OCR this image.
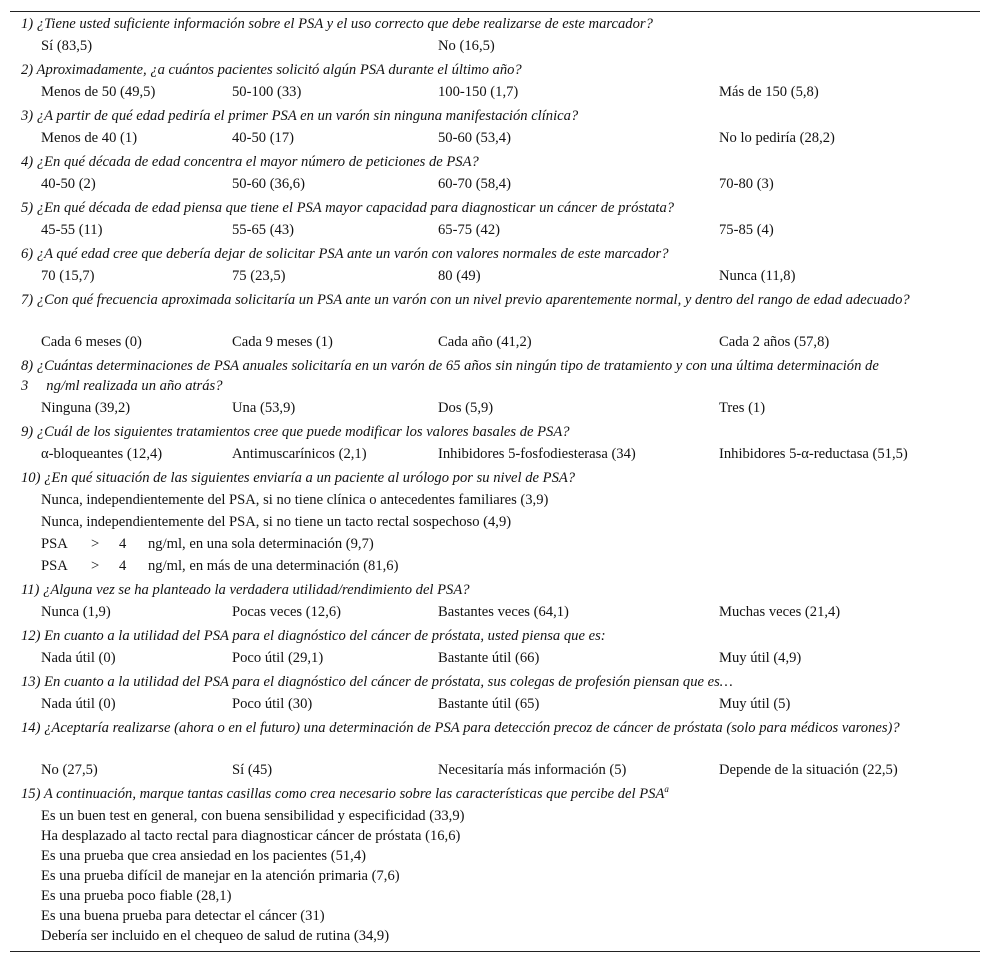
1) ¿Tiene usted suficiente información sobre el PSA y el uso correcto que debe realizarse de este marcador?
Sí (83,5)	No (16,5)
2) Aproximadamente, ¿a cuántos pacientes solicitó algún PSA durante el último año?
Menos de 50 (49,5)	50-100 (33)	100-150 (1,7)	Más de 150 (5,8)
3) ¿A partir de qué edad pediría el primer PSA en un varón sin ninguna manifestación clínica?
Menos de 40 (1)	40-50 (17)	50-60 (53,4)	No lo pediría (28,2)
4) ¿En qué década de edad concentra el mayor número de peticiones de PSA?
40-50 (2)	50-60 (36,6)	60-70 (58,4)	70-80 (3)
5) ¿En qué década de edad piensa que tiene el PSA mayor capacidad para diagnosticar un cáncer de próstata?
45-55 (11)	55-65 (43)	65-75 (42)	75-85 (4)
6) ¿A qué edad cree que debería dejar de solicitar PSA ante un varón con valores normales de este marcador?
70 (15,7)	75 (23,5)	80 (49)	Nunca (11,8)
7) ¿Con qué frecuencia aproximada solicitaría un PSA ante un varón con un nivel previo aparentemente normal, y dentro del rango de edad adecuado?
Cada 6 meses (0)	Cada 9 meses (1)	Cada año (41,2)	Cada 2 años (57,8)
8) ¿Cuántas determinaciones de PSA anuales solicitaría en un varón de 65 años sin ningún tipo de tratamiento y con una última determinación de
3 ng/ml realizada un año atrás?
Ninguna (39,2)	Una (53,9)	Dos (5,9)	Tres (1)
9) ¿Cuál de los siguientes tratamientos cree que puede modificar los valores basales de PSA?
α-bloqueantes (12,4)	Antimuscarínicos (2,1)	Inhibidores 5-fosfodiesterasa (34)	Inhibidores 5-α-reductasa (51,5)
10) ¿En qué situación de las siguientes enviaría a un paciente al urólogo por su nivel de PSA?
Nunca, independientemente del PSA, si no tiene clínica o antecedentes familiares (3,9)
Nunca, independientemente del PSA, si no tiene un tacto rectal sospechoso (4,9)
PSA > 4 ng/ml, en una sola determinación (9,7)
PSA > 4 ng/ml, en más de una determinación (81,6)
11) ¿Alguna vez se ha planteado la verdadera utilidad/rendimiento del PSA?
Nunca (1,9)	Pocas veces (12,6)	Bastantes veces (64,1)	Muchas veces (21,4)
12) En cuanto a la utilidad del PSA para el diagnóstico del cáncer de próstata, usted piensa que es:
Nada útil (0)	Poco útil (29,1)	Bastante útil (66)	Muy útil (4,9)
13) En cuanto a la utilidad del PSA para el diagnóstico del cáncer de próstata, sus colegas de profesión piensan que es…
Nada útil (0)	Poco útil (30)	Bastante útil (65)	Muy útil (5)
14) ¿Aceptaría realizarse (ahora o en el futuro) una determinación de PSA para detección precoz de cáncer de próstata (solo para médicos varones)?
No (27,5)	Sí (45)	Necesitaría más información (5)	Depende de la situación (22,5)
15) A continuación, marque tantas casillas como crea necesario sobre las características que percibe del PSA$^a$
Es un buen test en general, con buena sensibilidad y especificidad (33,9)
Ha desplazado al tacto rectal para diagnosticar cáncer de próstata (16,6)
Es una prueba que crea ansiedad en los pacientes (51,4)
Es una prueba difícil de manejar en la atención primaria (7,6)
Es una prueba poco fiable (28,1)
Es una buena prueba para detectar el cáncer (31)
Debería ser incluido en el chequeo de salud de rutina (34,9)
